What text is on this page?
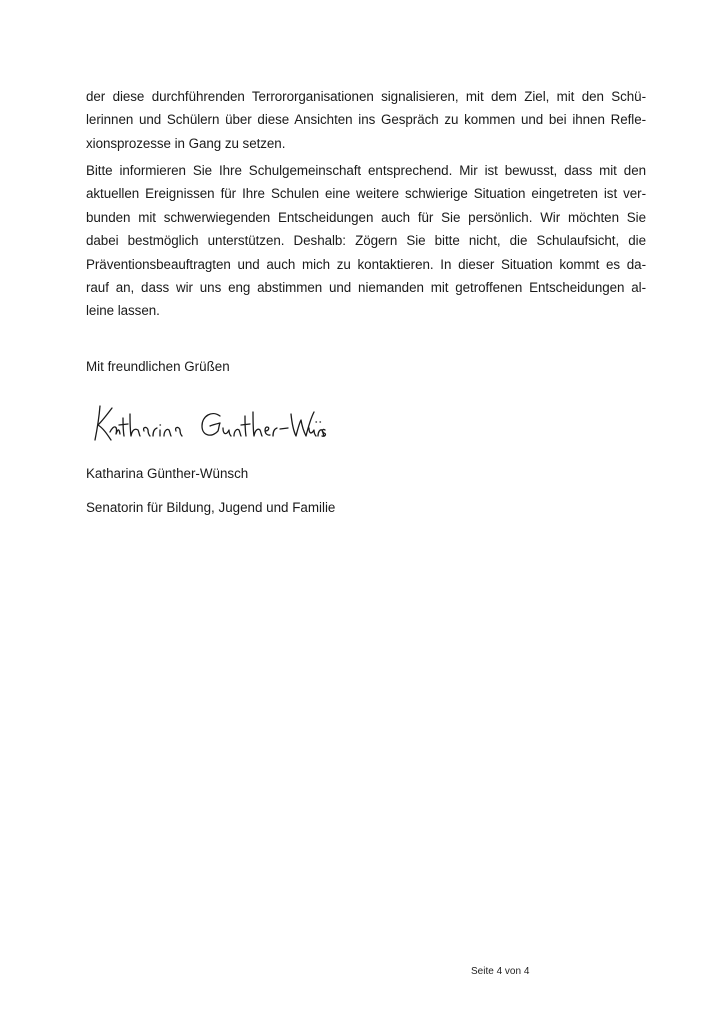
der diese durchführenden Terrororganisationen signalisieren, mit dem Ziel, mit den Schü-
lerinnen und Schülern über diese Ansichten ins Gespräch zu kommen und bei ihnen Refle-
xionsprozesse in Gang zu setzen.

Bitte informieren Sie Ihre Schulgemeinschaft entsprechend. Mir ist bewusst, dass mit den
aktuellen Ereignissen für Ihre Schulen eine weitere schwierige Situation eingetreten ist ver-
bunden mit schwerwiegenden Entscheidungen auch für Sie persönlich. Wir möchten Sie
dabei bestmöglich unterstützen. Deshalb: Zögern Sie bitte nicht, die Schulaufsicht, die
Präventionsbeauftragten und auch mich zu kontaktieren. In dieser Situation kommt es da-
rauf an, dass wir uns eng abstimmen und niemanden mit getroffenen Entscheidungen al-
leine lassen.

Mit freundlichen Grüßen

Katharina Günther-Wünsch

Senatorin für Bildung, Jugend und Familie

Seite 4 von 4
